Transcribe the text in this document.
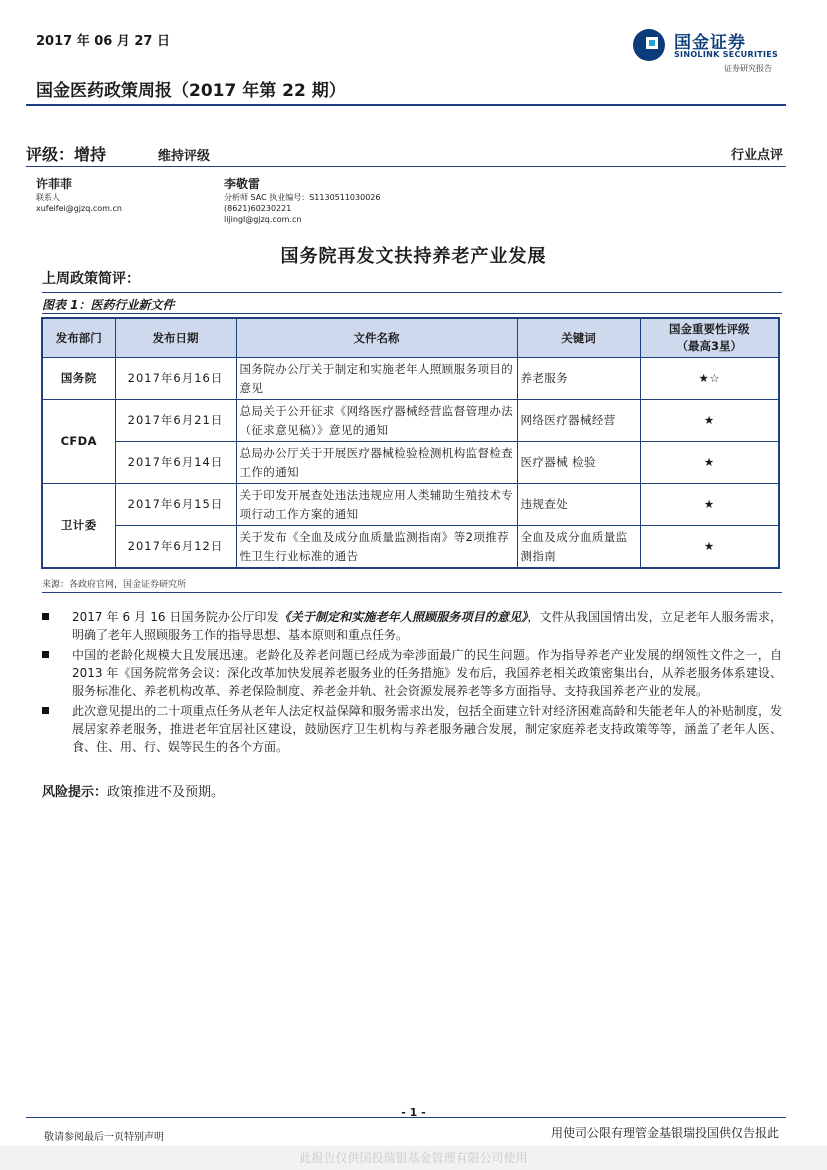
2017 年 06 月 27 日
国金医药政策周报（2017 年第 22 期）
国金证券
SINOLINK SECURITIES
证券研究报告
评级：增持	维持评级	行业点评
许菲菲
联系人
xufeifei@gjzq.com.cn
李敬雷
分析师 SAC 执业编号：S1130511030026
(8621)60230221
lijingl@gjzq.com.cn
国务院再发文扶持养老产业发展
上周政策简评：
图表 1：医药行业新文件
发布部门	发布日期	文件名称	关键词	国金重要性评级
（最高3星）

国务院	2017年6月16日	国务院办公厅关于制定和实施老年人照顾服务项目的意见	养老服务	★☆
CFDA	2017年6月21日	总局关于公开征求《网络医疗器械经营监督管理办法（征求意见稿）》意见的通知	网络医疗器械经营	★
	2017年6月14日	总局办公厅关于开展医疗器械检验检测机构监督检查工作的通知	医疗器械 检验	★
卫计委	2017年6月15日	关于印发开展查处违法违规应用人类辅助生殖技术专项行动工作方案的通知	违规查处	★
	2017年6月12日	关于发布《全血及成分血质量监测指南》等2项推荐性卫生行业标准的通告	全血及成分血质量监测指南	★
来源：各政府官网，国金证券研究所
2017 年 6 月 16 日国务院办公厅印发《关于制定和实施老年人照顾服务项目的意见》，文件从我国国情出发，立足老年人服务需求，明确了老年人照顾服务工作的指导思想、基本原则和重点任务。
中国的老龄化规模大且发展迅速。老龄化及养老问题已经成为牵涉面最广的民生问题。作为指导养老产业发展的纲领性文件之一，自 2013 年《国务院常务会议：深化改革加快发展养老服务业的任务措施》发布后，我国养老相关政策密集出台，从养老服务体系建设、服务标准化、养老机构改革、养老保险制度、养老金并轨、社会资源发展养老等多方面指导、支持我国养老产业的发展。
此次意见提出的二十项重点任务从老年人法定权益保障和服务需求出发，包括全面建立针对经济困难高龄和失能老年人的补贴制度，发展居家养老服务，推进老年宜居社区建设，鼓励医疗卫生机构与养老服务融合发展，制定家庭养老支持政策等等，涵盖了老年人医、食、住、用、行、娱等民生的各个方面。
风险提示：政策推进不及预期。
- 1 -
敬请参阅最后一页特别声明	用使司公限有理管金基银瑞投国供仅告报此
此报告仅供国投瑞银基金管理有限公司使用
